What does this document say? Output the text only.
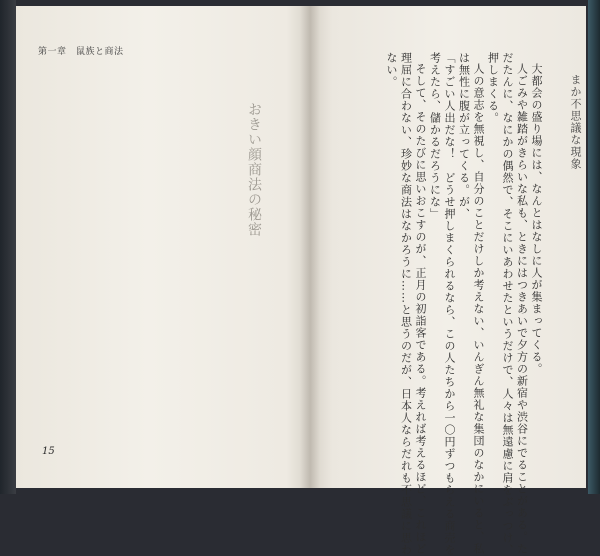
第一章　鼠族と商法

まか不思議な現象

大都会の盛り場には、なんとはなしに人が集まってくる。

人ごみや雑踏がきらいな私も、ときにはつきあいで夕方の新宿や渋谷にでることがある。た

だたんに、なにかの偶然で、そこにいあわせたというだけで、人々は無遠慮に肩をぶっつけ、

押しまくる。

人の意志を無視し、自分のことだけしか考えない、いんぎん無礼な集団のなかにいると、私

は無性に腹が立ってくる。が、

「すごい人出だな！　どうせ押しまくられるなら、この人たちから一〇円ずつもらえる商売を

考えたら、儲かるだろうにな」

そして、そのたびに思いおこすのが、正月の初詣客である。考えれば考えるほど、これほど

理屈に合わない、珍妙な商法はなかろうに……と思うのだが、日本人ならだれも不思議に思わ

ない。

おきい顔商法の秘密

15
